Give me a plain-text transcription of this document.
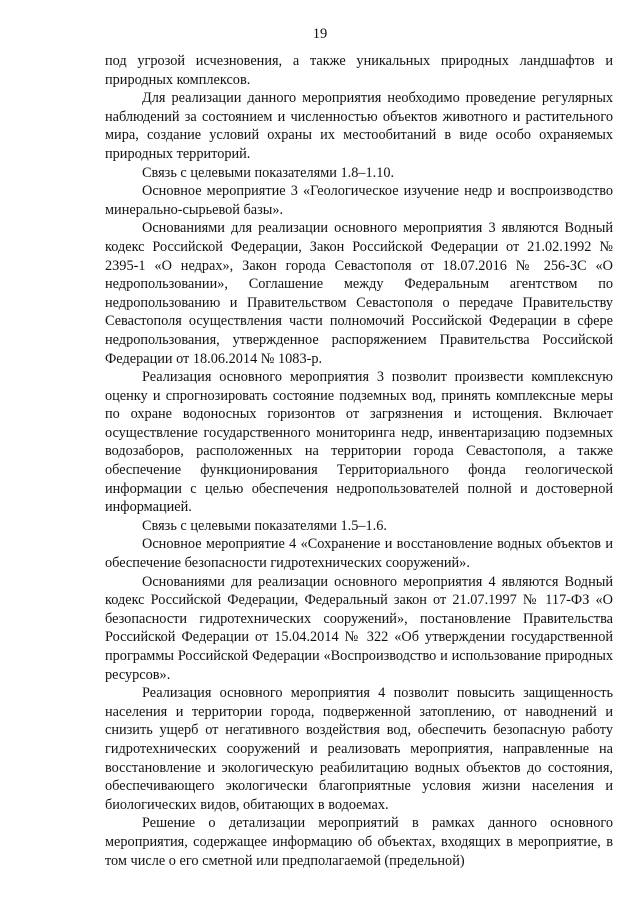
19

под угрозой исчезновения, а также уникальных природных ландшафтов и природных комплексов.

Для реализации данного мероприятия необходимо проведение регулярных наблюдений за состоянием и численностью объектов животного и растительного мира, создание условий охраны их местообитаний в виде особо охраняемых природных территорий.

Связь с целевыми показателями 1.8–1.10.

Основное мероприятие 3 «Геологическое изучение недр и воспроизводство минерально-сырьевой базы».

Основаниями для реализации основного мероприятия 3 являются Водный кодекс Российской Федерации, Закон Российской Федерации от 21.02.1992 № 2395-1 «О недрах», Закон города Севастополя от 18.07.2016 № 256-ЗС «О недропользовании», Соглашение между Федеральным агентством по недропользованию и Правительством Севастополя о передаче Правительству Севастополя осуществления части полномочий Российской Федерации в сфере недропользования, утвержденное распоряжением Правительства Российской Федерации от 18.06.2014 № 1083-р.

Реализация основного мероприятия 3 позволит произвести комплексную оценку и спрогнозировать состояние подземных вод, принять комплексные меры по охране водоносных горизонтов от загрязнения и истощения. Включает осуществление государственного мониторинга недр, инвентаризацию подземных водозаборов, расположенных на территории города Севастополя, а также обеспечение функционирования Территориального фонда геологической информации с целью обеспечения недропользователей полной и достоверной информацией.

Связь с целевыми показателями 1.5–1.6.

Основное мероприятие 4 «Сохранение и восстановление водных объектов и обеспечение безопасности гидротехнических сооружений».

Основаниями для реализации основного мероприятия 4 являются Водный кодекс Российской Федерации, Федеральный закон от 21.07.1997 № 117-ФЗ «О безопасности гидротехнических сооружений», постановление Правительства Российской Федерации от 15.04.2014 № 322 «Об утверждении государственной программы Российской Федерации «Воспроизводство и использование природных ресурсов».

Реализация основного мероприятия 4 позволит повысить защищенность населения и территории города, подверженной затоплению, от наводнений и снизить ущерб от негативного воздействия вод, обеспечить безопасную работу гидротехнических сооружений и реализовать мероприятия, направленные на восстановление и экологическую реабилитацию водных объектов до состояния, обеспечивающего экологически благоприятные условия жизни населения и биологических видов, обитающих в водоемах.

Решение о детализации мероприятий в рамках данного основного мероприятия, содержащее информацию об объектах, входящих в мероприятие, в том числе о его сметной или предполагаемой (предельной)
